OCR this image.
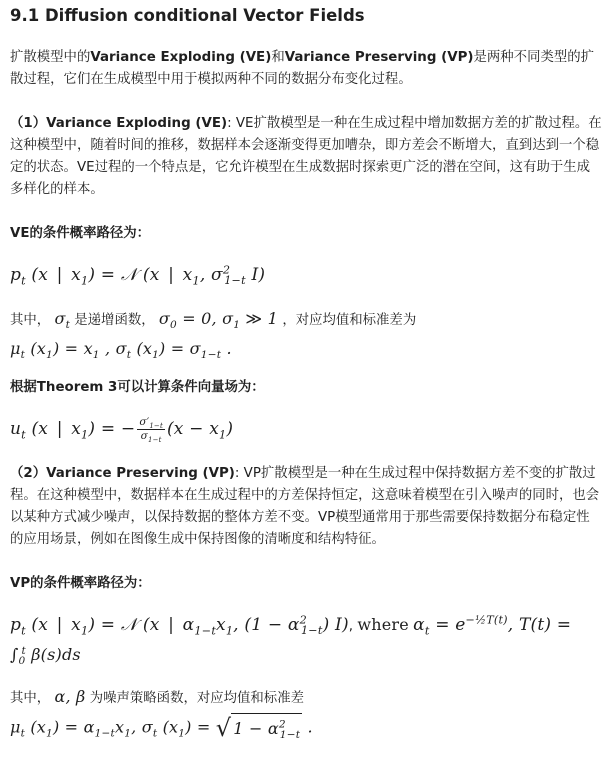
9.1 Diffusion conditional Vector Fields

扩散模型中的Variance Exploding (VE)和Variance Preserving (VP)是两种不同类型的扩散过程，它们在生成模型中用于模拟两种不同的数据分布变化过程。

（1）Variance Exploding (VE): VE扩散模型是一种在生成过程中增加数据方差的扩散过程。在这种模型中，随着时间的推移，数据样本会逐渐变得更加嘈杂，即方差会不断增大，直到达到一个稳定的状态。VE过程的一个特点是，它允许模型在生成数据时探索更广泛的潜在空间，这有助于生成多样化的样本。

VE的条件概率路径为：

$p_t$ (x | $x_1$) = 𝒩 (x | $x_1$, $\sigma^2_{1-t}$ I)

其中， $\sigma_t$ 是递增函数， $\sigma_0 = 0$, $\sigma_1$ ≫ 1 ，对应均值和标准差为
$\mu_t$ $(x_1) = x_1$ , $\sigma_t$ $(x_1) = \sigma_{1-t}$ .

根据Theorem 3可以计算条件向量场为：

$u_t$ (x | $x_1$) = − $\frac{\sigma'_{1-t}}{\sigma_{1-t}} (x - x_1)$

（2）Variance Preserving (VP): VP扩散模型是一种在生成过程中保持数据方差不变的扩散过程。在这种模型中，数据样本在生成过程中的方差保持恒定，这意味着模型在引入噪声的同时，也会以某种方式减少噪声，以保持数据的整体方差不变。VP模型通常用于那些需要保持数据分布稳定性的应用场景，例如在图像生成中保持图像的清晰度和结构特征。

VP的条件概率路径为：

$p_t$ (x | $x_1$) = 𝒩 (x | $\alpha_{1-t}x_1$, $(1 - \alpha^2_{1-t})$ I), where $\alpha_t = e^{-\frac{1}{2}T(t)}$, T(t) =
$\int_0^t$ β(s)ds

其中， α, β 为噪声策略函数，对应均值和标准差
$\mu_t$ $(x_1) = \alpha_{1-t}x_1$, $\sigma_t$ $(x_1)$ = √ $1 - \alpha^2_{1-t}$ .
